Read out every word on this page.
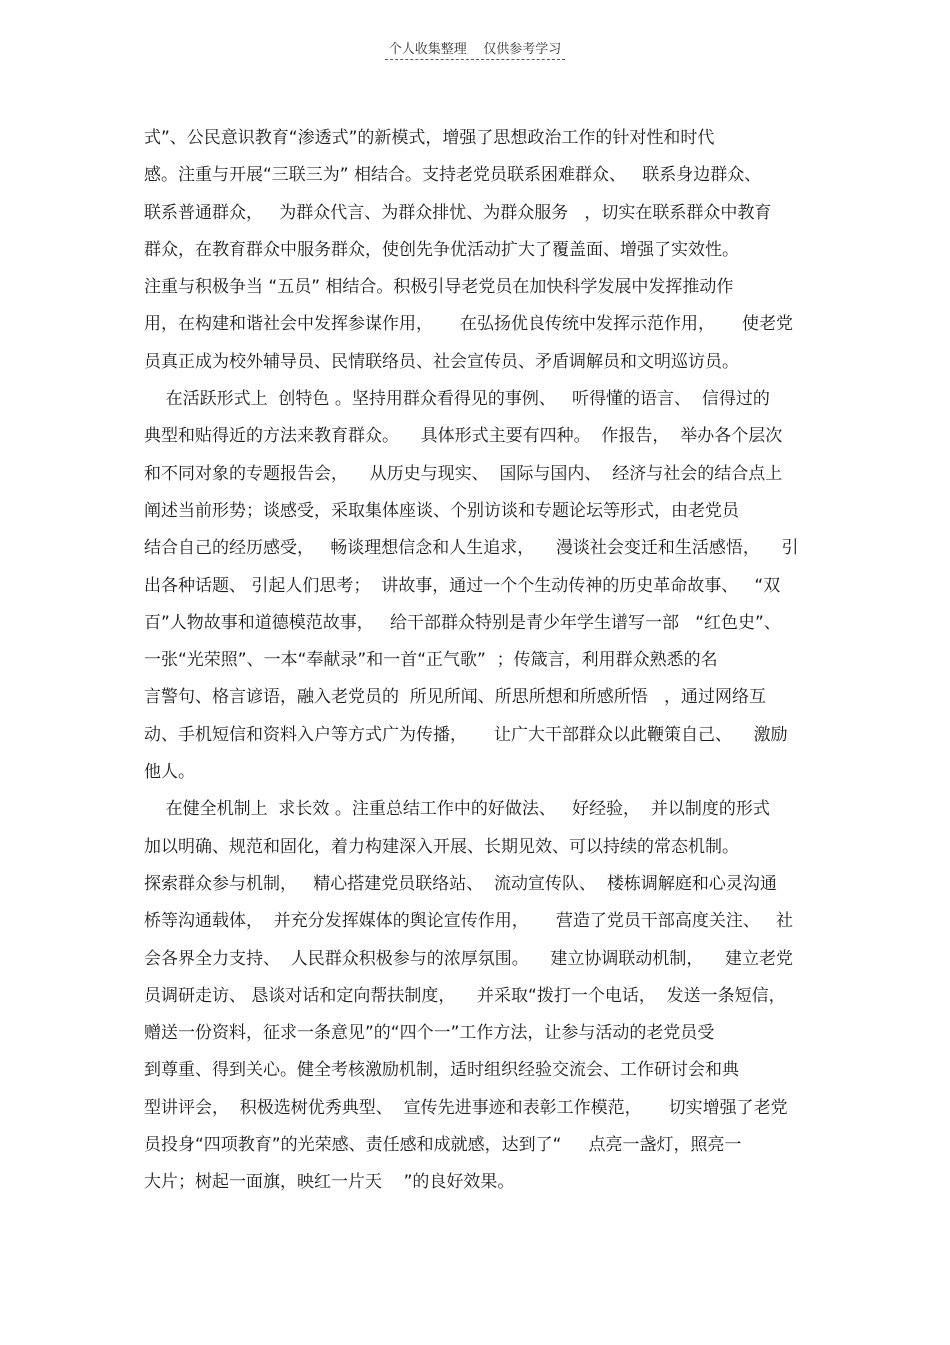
个人收集整理    仅供参考学习
式”、公民意识教育“渗透式”的新模式，增强了思想政治工作的针对性和时代
感。注重与开展“三联三为” 相结合。支持老党员联系困难群众、   联系身边群众、
联系普通群众，   为群众代言、为群众排忧、为群众服务   ，切实在联系群众中教育
群众，在教育群众中服务群众，使创先争优活动扩大了覆盖面、增强了实效性。
注重与积极争当 “五员” 相结合。积极引导老党员在加快科学发展中发挥推动作
用，在构建和谐社会中发挥参谋作用，     在弘扬优良传统中发挥示范作用，     使老党
员真正成为校外辅导员、民情联络员、社会宣传员、矛盾调解员和文明巡访员。
在活跃形式上  创特色 。坚持用群众看得见的事例、   听得懂的语言、  信得过的
典型和贴得近的方法来教育群众。    具体形式主要有四种。  作报告，  举办各个层次
和不同对象的专题报告会，    从历史与现实、  国际与国内、  经济与社会的结合点上
阐述当前形势；谈感受，采取集体座谈、个别访谈和专题论坛等形式，由老党员
结合自己的经历感受，   畅谈理想信念和人生追求，    漫谈社会变迁和生活感悟，    引
出各种话题、 引起人们思考；  讲故事，通过一个个生动传神的历史革命故事、   “双
百”人物故事和道德模范故事，   给干部群众特别是青少年学生谱写一部   “红色史”、
一张“光荣照”、一本“奉献录”和一首“正气歌”  ；传箴言，利用群众熟悉的名
言警句、格言谚语，融入老党员的  所见所闻、所思所想和所感所悟   ，通过网络互
动、手机短信和资料入户等方式广为传播，     让广大干部群众以此鞭策自己、    激励
他人。
在健全机制上  求长效 。注重总结工作中的好做法、   好经验，  并以制度的形式
加以明确、规范和固化，着力构建深入开展、长期见效、可以持续的常态机制。
探索群众参与机制，   精心搭建党员联络站、  流动宣传队、  楼栋调解庭和心灵沟通
桥等沟通载体，  并充分发挥媒体的舆论宣传作用，     营造了党员干部高度关注、   社
会各界全力支持、  人民群众积极参与的浓厚氛围。    建立协调联动机制，    建立老党
员调研走访、 恳谈对话和定向帮扶制度，    并采取“拨打一个电话，  发送一条短信，
赠送一份资料，征求一条意见”的“四个一”工作方法，让参与活动的老党员受
到尊重、得到关心。健全考核激励机制，适时组织经验交流会、工作研讨会和典
型讲评会，  积极选树优秀典型、  宣传先进事迹和表彰工作模范，     切实增强了老党
员投身“四项教育”的光荣感、责任感和成就感，达到了“     点亮一盏灯，照亮一
大片；树起一面旗，映红一片天    ”的良好效果。
